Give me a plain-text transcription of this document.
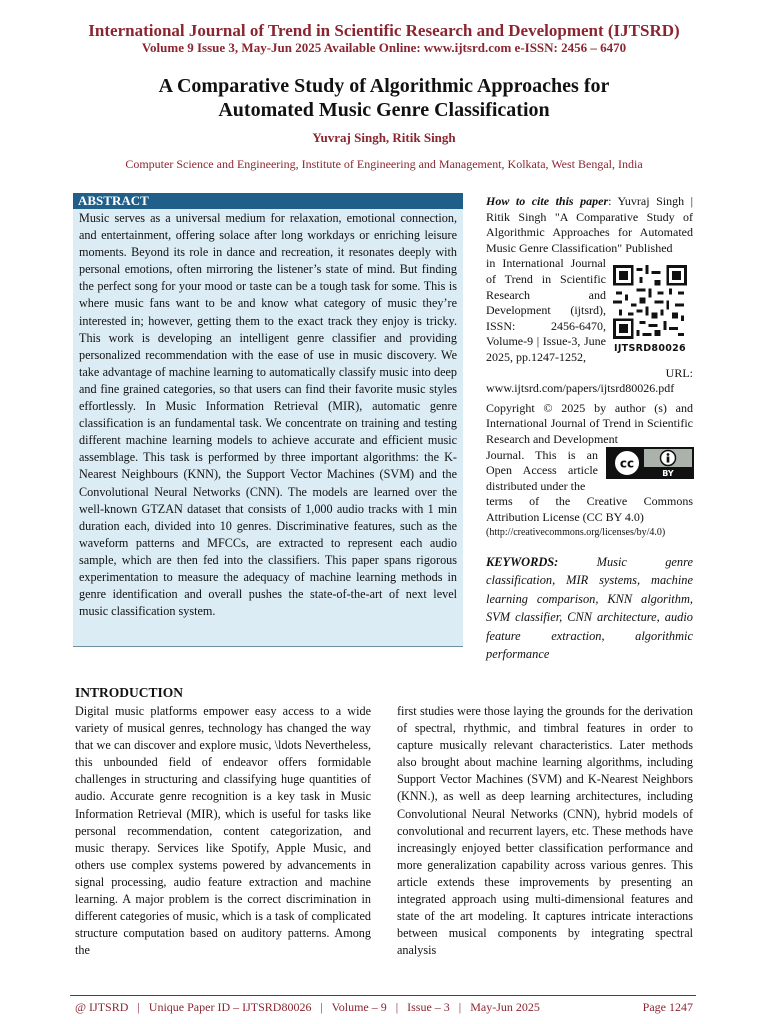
International Journal of Trend in Scientific Research and Development (IJTSRD)
Volume 9 Issue 3, May-Jun 2025 Available Online: www.ijtsrd.com e-ISSN: 2456 – 6470
A Comparative Study of Algorithmic Approaches for
Automated Music Genre Classification
Yuvraj Singh, Ritik Singh
Computer Science and Engineering, Institute of Engineering and Management, Kolkata, West Bengal, India
ABSTRACT

Music serves as a universal medium for relaxation, emotional connection, and entertainment, offering solace after long workdays or enriching leisure moments. Beyond its role in dance and recreation, it resonates deeply with personal emotions, often mirroring the listener’s state of mind. But finding the perfect song for your mood or taste can be a tough task for some. This is where music fans want to be and know what category of music they’re interested in; however, getting them to the exact track they enjoy is tricky. This work is developing an intelligent genre classifier and providing personalized recommendation with the ease of use in music discovery. We take advantage of machine learning to automatically classify music into deep and fine grained categories, so that users can find their favorite music styles effortlessly. In Music Information Retrieval (MIR), automatic genre classification is an fundamental task. We concentrate on training and testing different machine learning models to achieve accurate and efficient music assemblage. This task is performed by three important algorithms: the K-Nearest Neighbours (KNN), the Support Vector Machines (SVM) and the Convolutional Neural Networks (CNN). The models are learned over the well-known GTZAN dataset that consists of 1,000 audio tracks with 1 min duration each, divided into 10 genres. Discriminative features, such as the waveform patterns and MFCCs, are extracted to represent each audio sample, which are then fed into the classifiers. This paper spans rigorous experimentation to measure the adequacy of machine learning methods in genre identification and overall pushes the state-of-the-art of next level music classification system.

How to cite this paper: Yuvraj Singh | Ritik Singh "A Comparative Study of Algorithmic Approaches for Automated Music Genre Classification" Published

in International Journal of Trend in Scientific Research and Development (ijtsrd), ISSN: 2456-6470, Volume-9 | Issue-3, June 2025, pp.1247-1252,

URL:

www.ijtsrd.com/papers/ijtsrd80026.pdf

IJTSRD80026

Copyright © 2025 by author (s) and International Journal of Trend in Scientific Research and Development

Journal. This is an Open Access article distributed under the

terms of the Creative Commons Attribution License (CC BY 4.0)

(http://creativecommons.org/licenses/by/4.0)

cc
BY

KEYWORDS:	Music genre classification, MIR systems, machine learning comparison, KNN algorithm, SVM classifier, CNN architecture, audio feature extraction, algorithmic performance

INTRODUCTION

Digital music platforms empower easy access to a wide variety of musical genres, technology has changed the way that we can discover and explore music, \ldots Nevertheless, this unbounded field of endeavor offers formidable challenges in structuring and classifying huge quantities of audio. Accurate genre recognition is a key task in Music Information Retrieval (MIR), which is useful for tasks like personal recommendation, content categorization, and music therapy. Services like Spotify, Apple Music, and others use complex systems powered by advancements in signal processing, audio feature extraction and machine learning. A major problem is the correct discrimination in different categories of music, which is a task of complicated structure computation based on auditory patterns. Among the

first studies were those laying the grounds for the derivation of spectral, rhythmic, and timbral features in order to capture musically relevant characteristics. Later methods also brought about machine learning algorithms, including Support Vector Machines (SVM) and K-Nearest Neighbors (KNN.), as well as deep learning architectures, including Convolutional Neural Networks (CNN), hybrid models of convolutional and recurrent layers, etc. These methods have increasingly enjoyed better classification performance and more generalization capability across various genres. This article extends these improvements by presenting an integrated approach using multi-dimensional features and state of the art modeling. It captures intricate interactions between musical components by integrating spectral analysis

@ IJTSRD   |   Unique Paper ID – IJTSRD80026   |   Volume – 9   |   Issue – 3   |   May-Jun 2025	Page 1247
